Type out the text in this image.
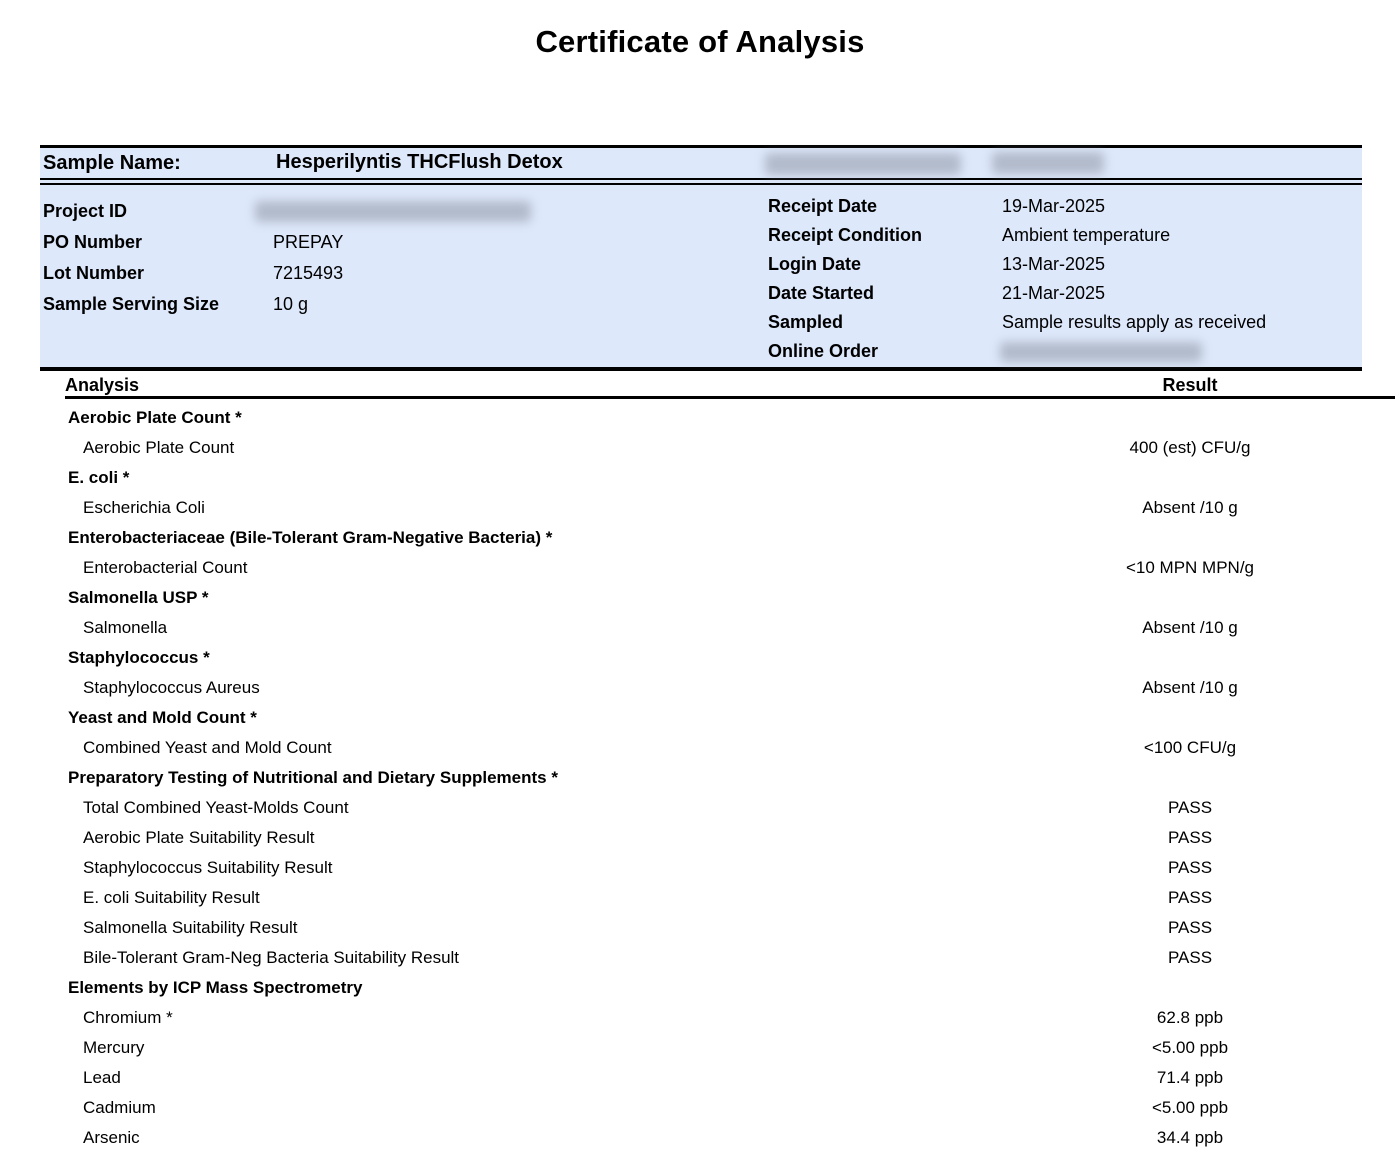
Certificate of Analysis
Sample Name:	Hesperilyntis THCFlush Detox
Project ID
PO Number	PREPAY
Lot Number	7215493
Sample Serving Size	10 g
Receipt Date	19-Mar-2025
Receipt Condition	Ambient temperature
Login Date	13-Mar-2025
Date Started	21-Mar-2025
Sampled	Sample results apply as received
Online Order
Analysis	Result
Aerobic Plate Count *
Aerobic Plate Count	400 (est) CFU/g
E. coli *
Escherichia Coli	Absent /10 g
Enterobacteriaceae (Bile-Tolerant Gram-Negative Bacteria) *
Enterobacterial Count	<10 MPN MPN/g
Salmonella USP *
Salmonella	Absent /10 g
Staphylococcus *
Staphylococcus Aureus	Absent /10 g
Yeast and Mold Count *
Combined Yeast and Mold Count	<100 CFU/g
Preparatory Testing of Nutritional and Dietary Supplements *
Total Combined Yeast-Molds Count	PASS
Aerobic Plate Suitability Result	PASS
Staphylococcus Suitability Result	PASS
E. coli Suitability Result	PASS
Salmonella Suitability Result	PASS
Bile-Tolerant Gram-Neg Bacteria Suitability Result	PASS
Elements by ICP Mass Spectrometry
Chromium *	62.8 ppb
Mercury	<5.00 ppb
Lead	71.4 ppb
Cadmium	<5.00 ppb
Arsenic	34.4 ppb
